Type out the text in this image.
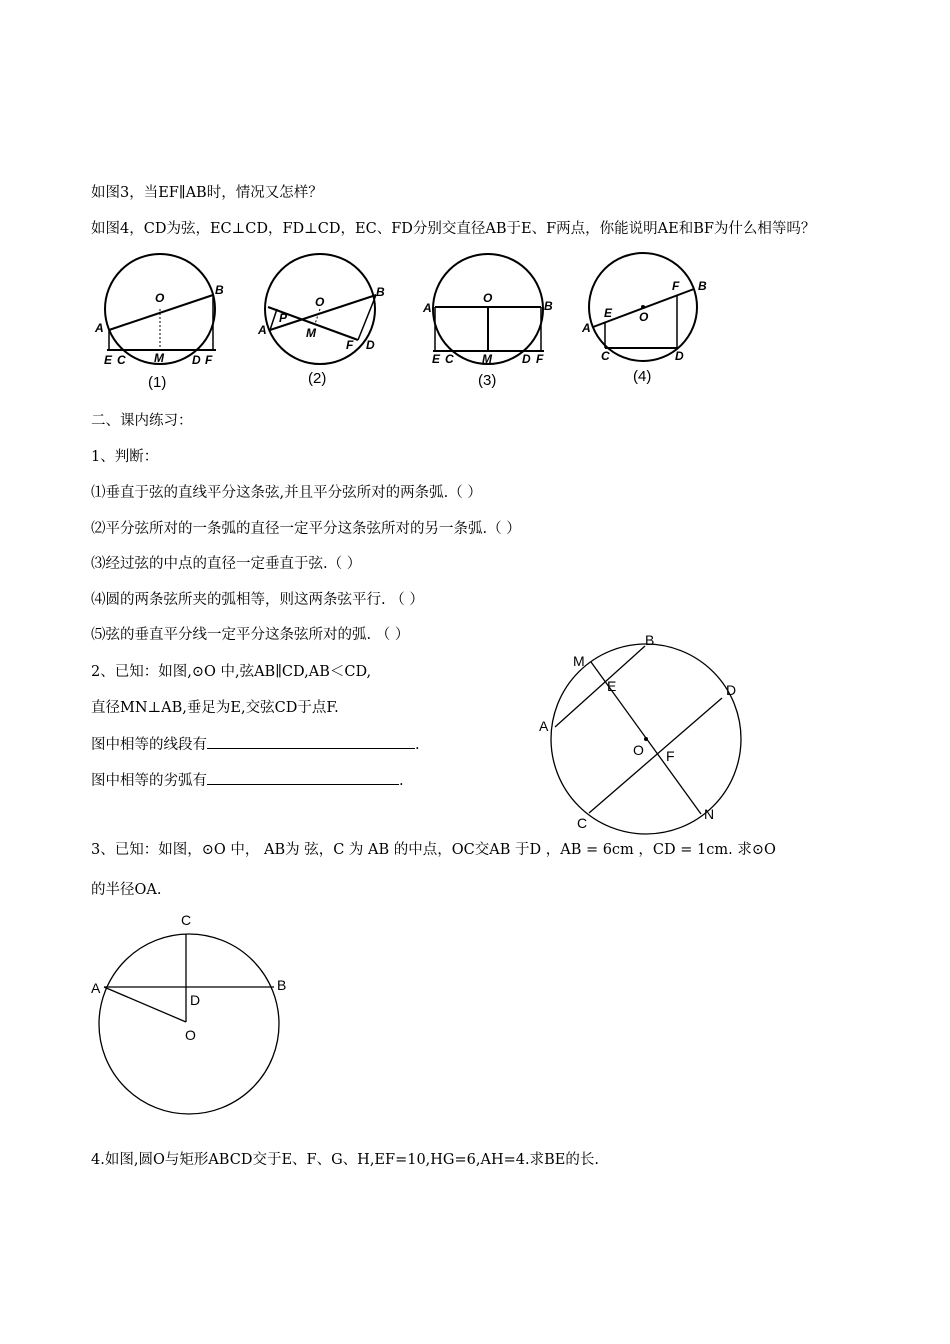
如图3，当EF∥AB时，情况又怎样？
如图4，CD为弦，EC⊥CD，FD⊥CD，EC、FD分别交直径AB于E、F两点，你能说明AE和BF为什么相等吗？
O
A
B
E C M D F
(1)
O
A
B
P
M
F D
(2)
O
A	B
E C M	D F
(3)
O
A
B
E
F
C	D
(4)
二、课内练习：
1、判断：
⑴垂直于弦的直线平分这条弦,并且平分弦所对的两条弧.（ ）
⑵平分弦所对的一条弧的直径一定平分这条弦所对的另一条弧.（ ）
⑶经过弦的中点的直径一定垂直于弦.（ ）
⑷圆的两条弦所夹的弧相等，则这两条弦平行. （ ）
⑸弦的垂直平分线一定平分这条弦所对的弧. （ ）
2、已知：如图,⊙O 中,弦AB∥CD,AB＜CD,
直径MN⊥AB,垂足为E,交弦CD于点F.
图中相等的线段有	.
图中相等的劣弧有	.
B
M
E	D
A
O F
C
N
3、已知：如图，⊙O 中， AB为 弦，C 为 AB 的中点，OC交AB 于D ，AB = 6cm ，CD = 1cm. 求⊙O
的半径OA.
C
A	B
D
O
4.如图,圆O与矩形ABCD交于E、F、G、H,EF=10,HG=6,AH=4.求BE的长.
